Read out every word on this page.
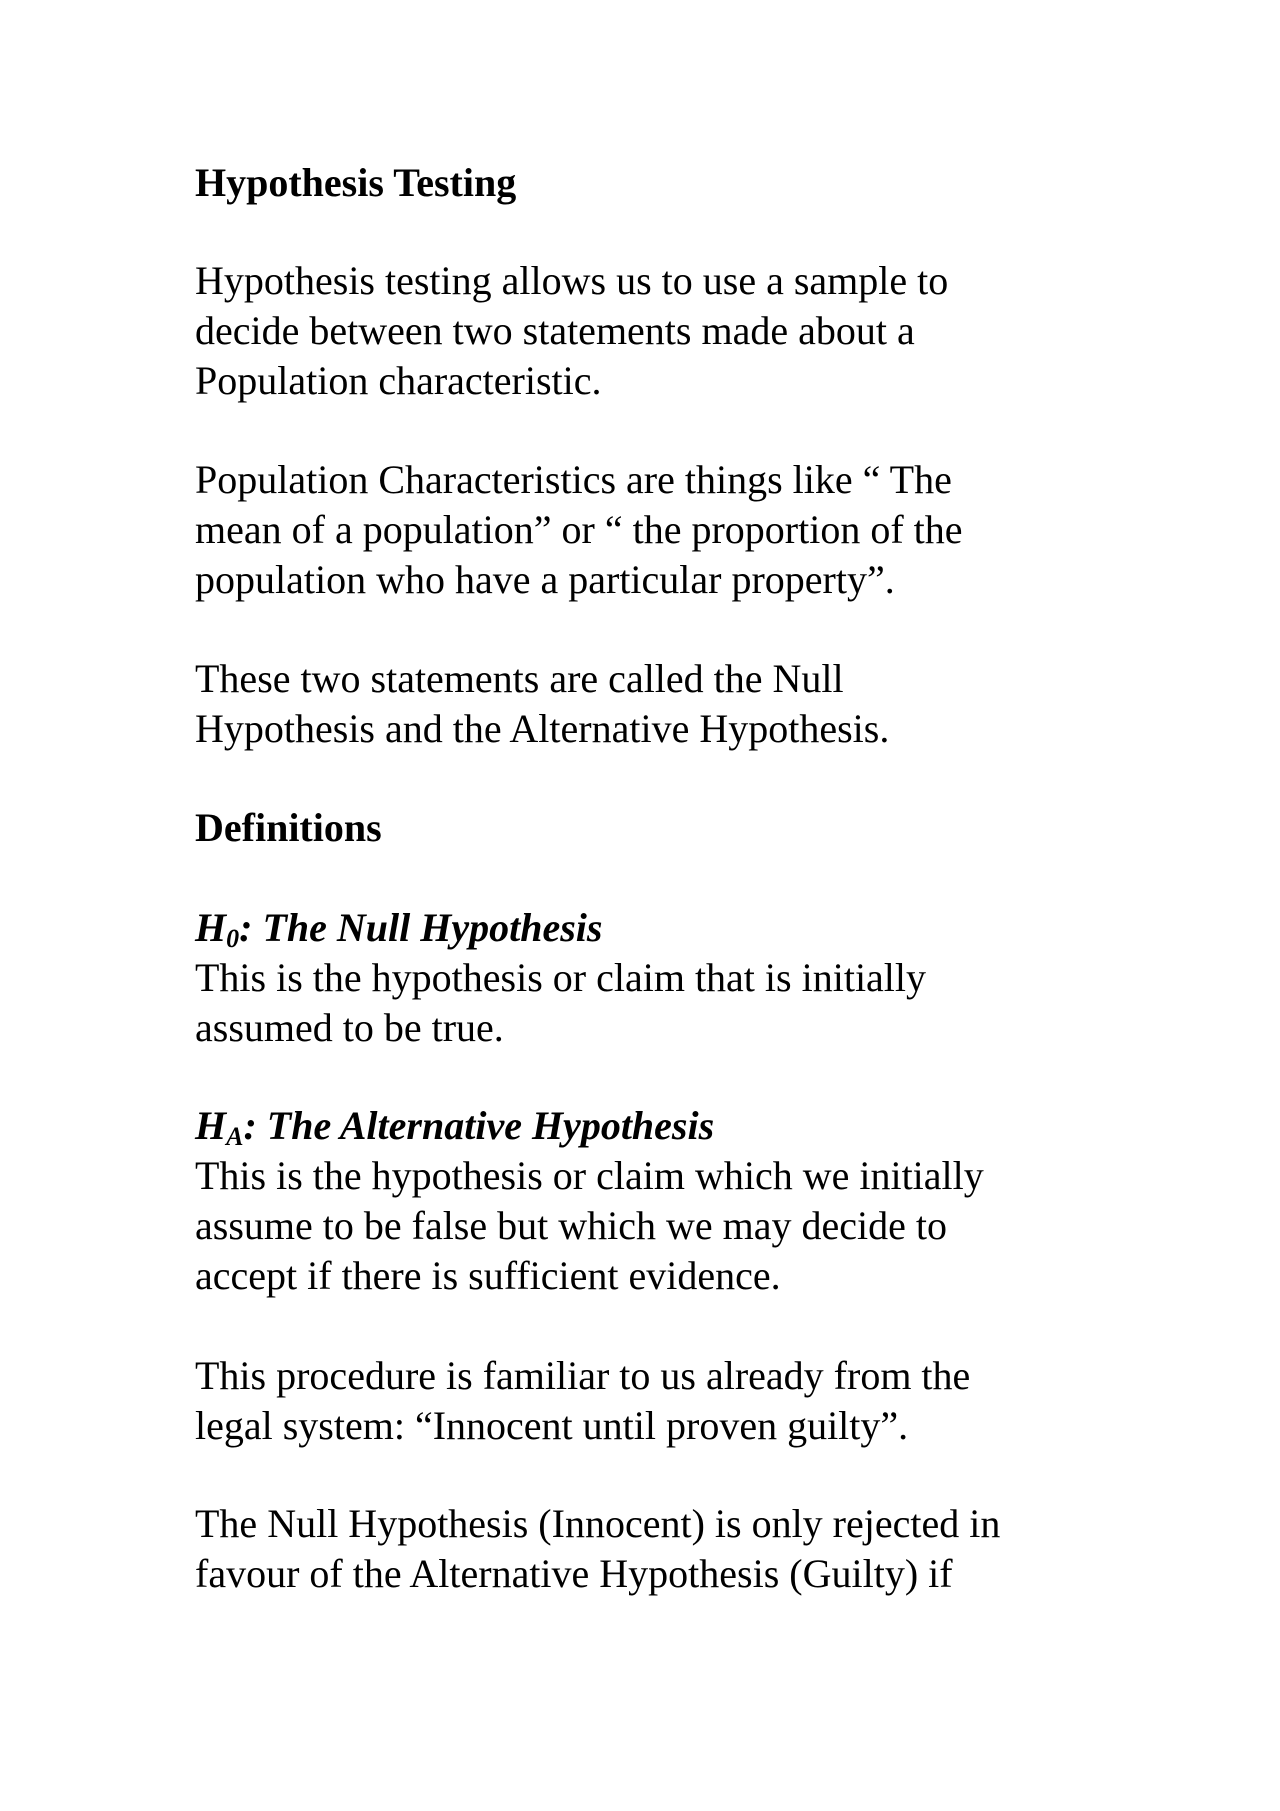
Hypothesis Testing
Hypothesis testing allows us to use a sample to
decide between two statements made about a
Population characteristic.
Population Characteristics are things like “ The
mean of a population” or “ the proportion of the
population who have a particular property”.
These two statements are called the Null
Hypothesis and the Alternative Hypothesis.
Definitions
$H_0$: The Null Hypothesis
This is the hypothesis or claim that is initially
assumed to be true.
$H_A$: The Alternative Hypothesis
This is the hypothesis or claim which we initially
assume to be false but which we may decide to
accept if there is sufficient evidence.
This procedure is familiar to us already from the
legal system: “Innocent until proven guilty”.
The Null Hypothesis (Innocent) is only rejected in
favour of the Alternative Hypothesis (Guilty) if
